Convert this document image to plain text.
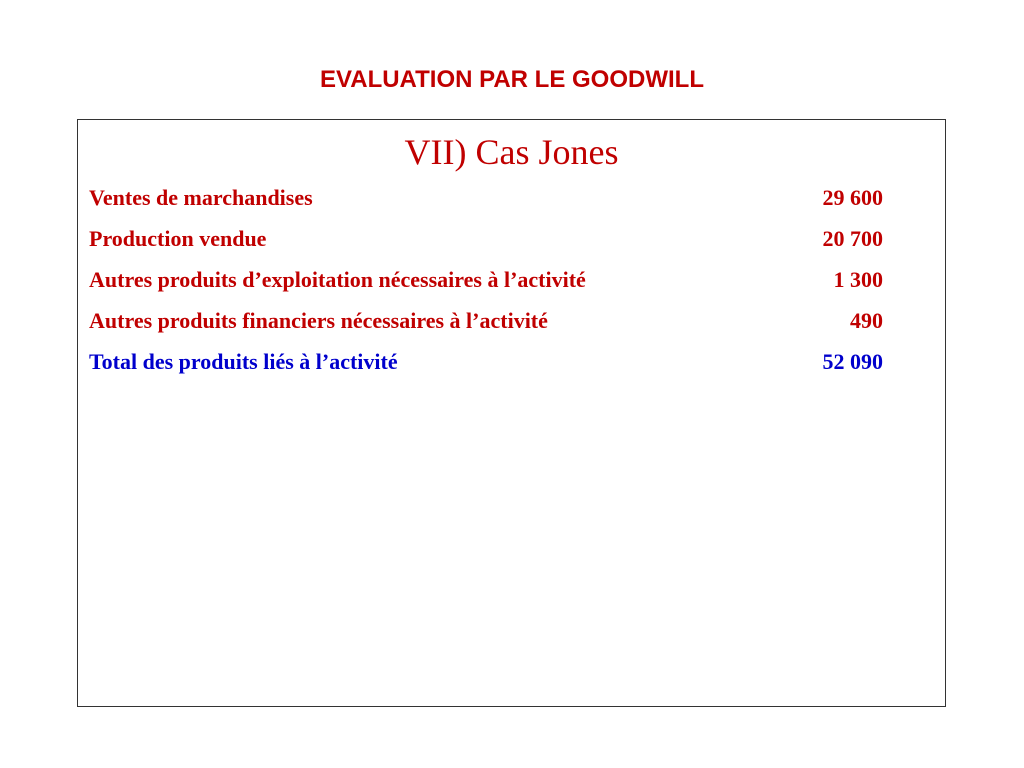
EVALUATION PAR LE GOODWILL
VII) Cas Jones
Ventes de marchandises	29 600
Production vendue	20 700
Autres produits d’exploitation nécessaires à l’activité	1 300
Autres produits financiers nécessaires à l’activité	490
Total des produits liés à l’activité	52 090
